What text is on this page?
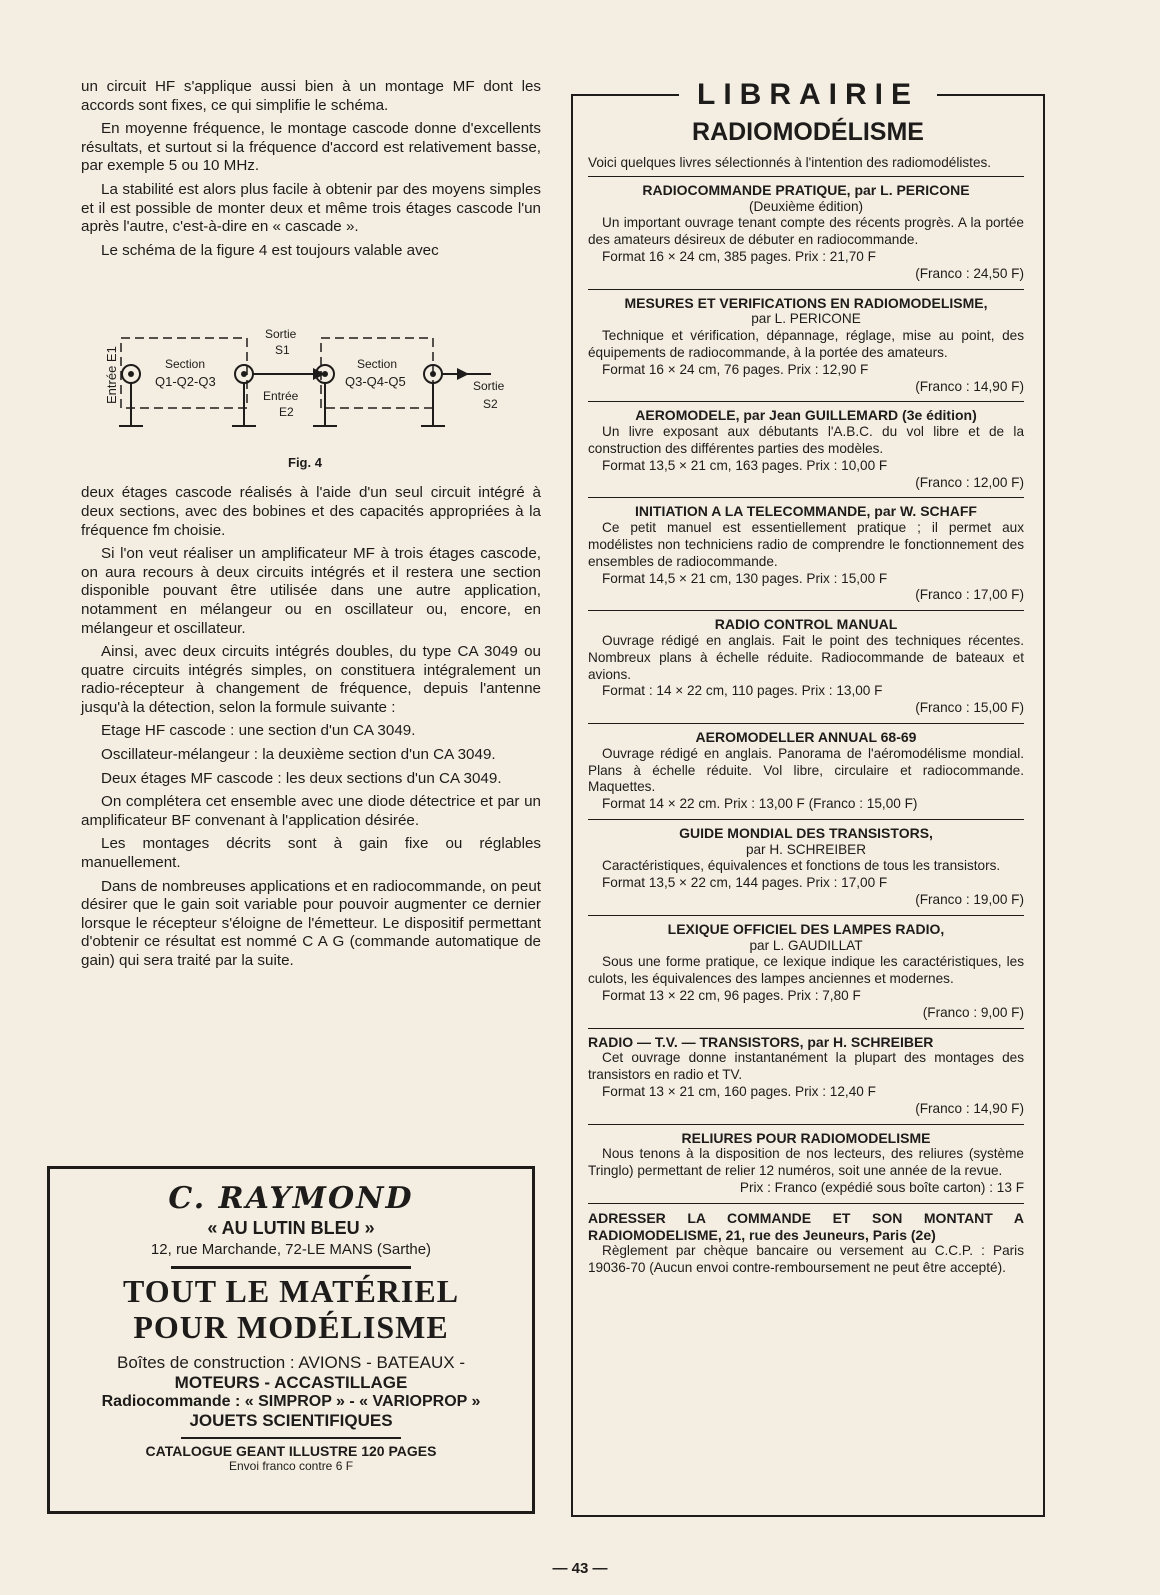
un circuit HF s'applique aussi bien à un montage MF dont les accords sont fixes, ce qui simplifie le schéma.

En moyenne fréquence, le montage cascode donne d'excellents résultats, et surtout si la fréquence d'accord est relativement basse, par exemple 5 ou 10 MHz.

La stabilité est alors plus facile à obtenir par des moyens simples et il est possible de monter deux et même trois étages cascode l'un après l'autre, c'est-à-dire en « cascade ».

Le schéma de la figure 4 est toujours valable avec

Entrée E1	Section
Q1-Q2-Q3
Sortie
S1
Entrée
E2
Section
Q3-Q4-Q5	Sortie
S2
Fig. 4

deux étages cascode réalisés à l'aide d'un seul circuit intégré à deux sections, avec des bobines et des capacités appropriées à la fréquence fm choisie.

Si l'on veut réaliser un amplificateur MF à trois étages cascode, on aura recours à deux circuits intégrés et il restera une section disponible pouvant être utilisée dans une autre application, notamment en mélangeur ou en oscillateur ou, encore, en mélangeur et oscillateur.

Ainsi, avec deux circuits intégrés doubles, du type CA 3049 ou quatre circuits intégrés simples, on constituera intégralement un radio-récepteur à changement de fréquence, depuis l'antenne jusqu'à la détection, selon la formule suivante :

Etage HF cascode : une section d'un CA 3049.

Oscillateur-mélangeur : la deuxième section d'un CA 3049.

Deux étages MF cascode : les deux sections d'un CA 3049.

On complétera cet ensemble avec une diode détectrice et par un amplificateur BF convenant à l'application désirée.

Les montages décrits sont à gain fixe ou réglables manuellement.

Dans de nombreuses applications et en radiocommande, on peut désirer que le gain soit variable pour pouvoir augmenter ce dernier lorsque le récepteur s'éloigne de l'émetteur. Le dispositif permettant d'obtenir ce résultat est nommé C A G (commande automatique de gain) qui sera traité par la suite.

C. RAYMOND
« AU LUTIN BLEU »
12, rue Marchande, 72-LE MANS (Sarthe)
TOUT LE MATÉRIEL
POUR MODÉLISME
Boîtes de construction : AVIONS - BATEAUX -
MOTEURS - ACCASTILLAGE
Radiocommande : « SIMPROP » - « VARIOPROP »
JOUETS SCIENTIFIQUES
CATALOGUE GEANT ILLUSTRE 120 PAGES
Envoi franco contre 6 F
LIBRAIRIE
RADIOMODÉLISME
Voici quelques livres sélectionnés à l'intention des radiomodélistes.
RADIOCOMMANDE PRATIQUE, par L. PERICONE
(Deuxième édition)
Un important ouvrage tenant compte des récents progrès. A la portée des amateurs désireux de débuter en radiocommande.
Format 16 × 24 cm, 385 pages. Prix : 21,70 F
(Franco : 24,50 F)
MESURES ET VERIFICATIONS EN RADIOMODELISME,
par L. PERICONE
Technique et vérification, dépannage, réglage, mise au point, des équipements de radiocommande, à la portée des amateurs.
Format 16 × 24 cm, 76 pages. Prix : 12,90 F
(Franco : 14,90 F)
AEROMODELE, par Jean GUILLEMARD (3e édition)
Un livre exposant aux débutants l'A.B.C. du vol libre et de la construction des différentes parties des modèles.
Format 13,5 × 21 cm, 163 pages. Prix : 10,00 F
(Franco : 12,00 F)
INITIATION A LA TELECOMMANDE, par W. SCHAFF
Ce petit manuel est essentiellement pratique ; il permet aux modélistes non techniciens radio de comprendre le fonctionnement des ensembles de radiocommande.
Format 14,5 × 21 cm, 130 pages. Prix : 15,00 F
(Franco : 17,00 F)
RADIO CONTROL MANUAL
Ouvrage rédigé en anglais. Fait le point des techniques récentes. Nombreux plans à échelle réduite. Radiocommande de bateaux et avions.
Format : 14 × 22 cm, 110 pages. Prix : 13,00 F
(Franco : 15,00 F)
AEROMODELLER ANNUAL 68-69
Ouvrage rédigé en anglais. Panorama de l'aéromodélisme mondial. Plans à échelle réduite. Vol libre, circulaire et radiocommande. Maquettes.
Format 14 × 22 cm. Prix : 13,00 F (Franco : 15,00 F)
GUIDE MONDIAL DES TRANSISTORS,
par H. SCHREIBER
Caractéristiques, équivalences et fonctions de tous les transistors.
Format 13,5 × 22 cm, 144 pages. Prix : 17,00 F
(Franco : 19,00 F)
LEXIQUE OFFICIEL DES LAMPES RADIO,
par L. GAUDILLAT
Sous une forme pratique, ce lexique indique les caractéristiques, les culots, les équivalences des lampes anciennes et modernes.
Format 13 × 22 cm, 96 pages. Prix : 7,80 F
(Franco : 9,00 F)
RADIO — T.V. — TRANSISTORS, par H. SCHREIBER
Cet ouvrage donne instantanément la plupart des montages des transistors en radio et TV.
Format 13 × 21 cm, 160 pages. Prix : 12,40 F
(Franco : 14,90 F)
RELIURES POUR RADIOMODELISME
Nous tenons à la disposition de nos lecteurs, des reliures (système Tringlo) permettant de relier 12 numéros, soit une année de la revue.
Prix : Franco (expédié sous boîte carton) : 13 F
ADRESSER LA COMMANDE ET SON MONTANT A RADIOMODELISME, 21, rue des Jeuneurs, Paris (2e)
Règlement par chèque bancaire ou versement au C.C.P. : Paris 19036-70 (Aucun envoi contre-remboursement ne peut être accepté).
— 43 —
